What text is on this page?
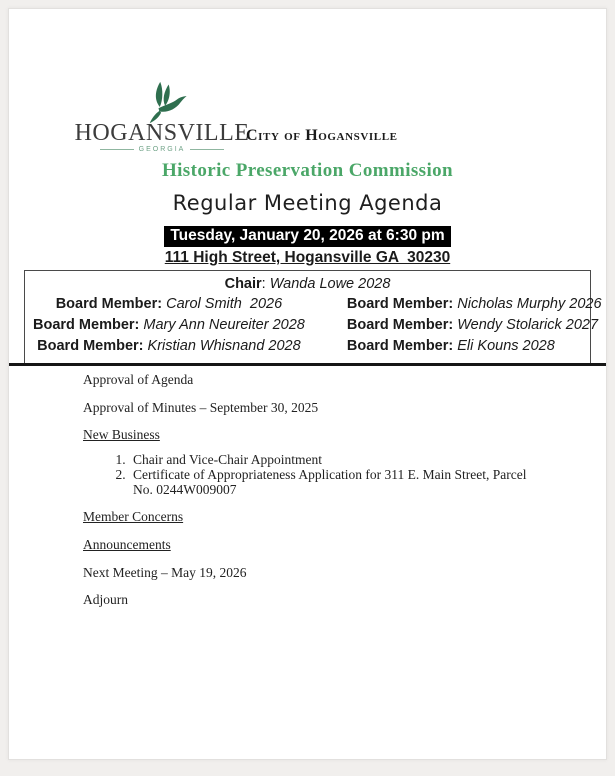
HOGANSVILLE
GEORGIA
City of Hogansville
Historic Preservation Commission
Regular Meeting Agenda
Tuesday, January 20, 2026 at 6:30 pm
111 High Street, Hogansville GA  30230
Chair: Wanda Lowe 2028
Board Member: Carol Smith  2026	Board Member: Nicholas Murphy 2026
Board Member: Mary Ann Neureiter 2028	Board Member: Wendy Stolarick 2027
Board Member: Kristian Whisnand 2028	Board Member: Eli Kouns 2028

Approval of Agenda

Approval of Minutes – September 30, 2025

New Business

1. Chair and Vice-Chair Appointment
2. Certificate of Appropriateness Application for 311 E. Main Street, Parcel No. 0244W009007

Member Concerns

Announcements

Next Meeting – May 19, 2026

Adjourn
